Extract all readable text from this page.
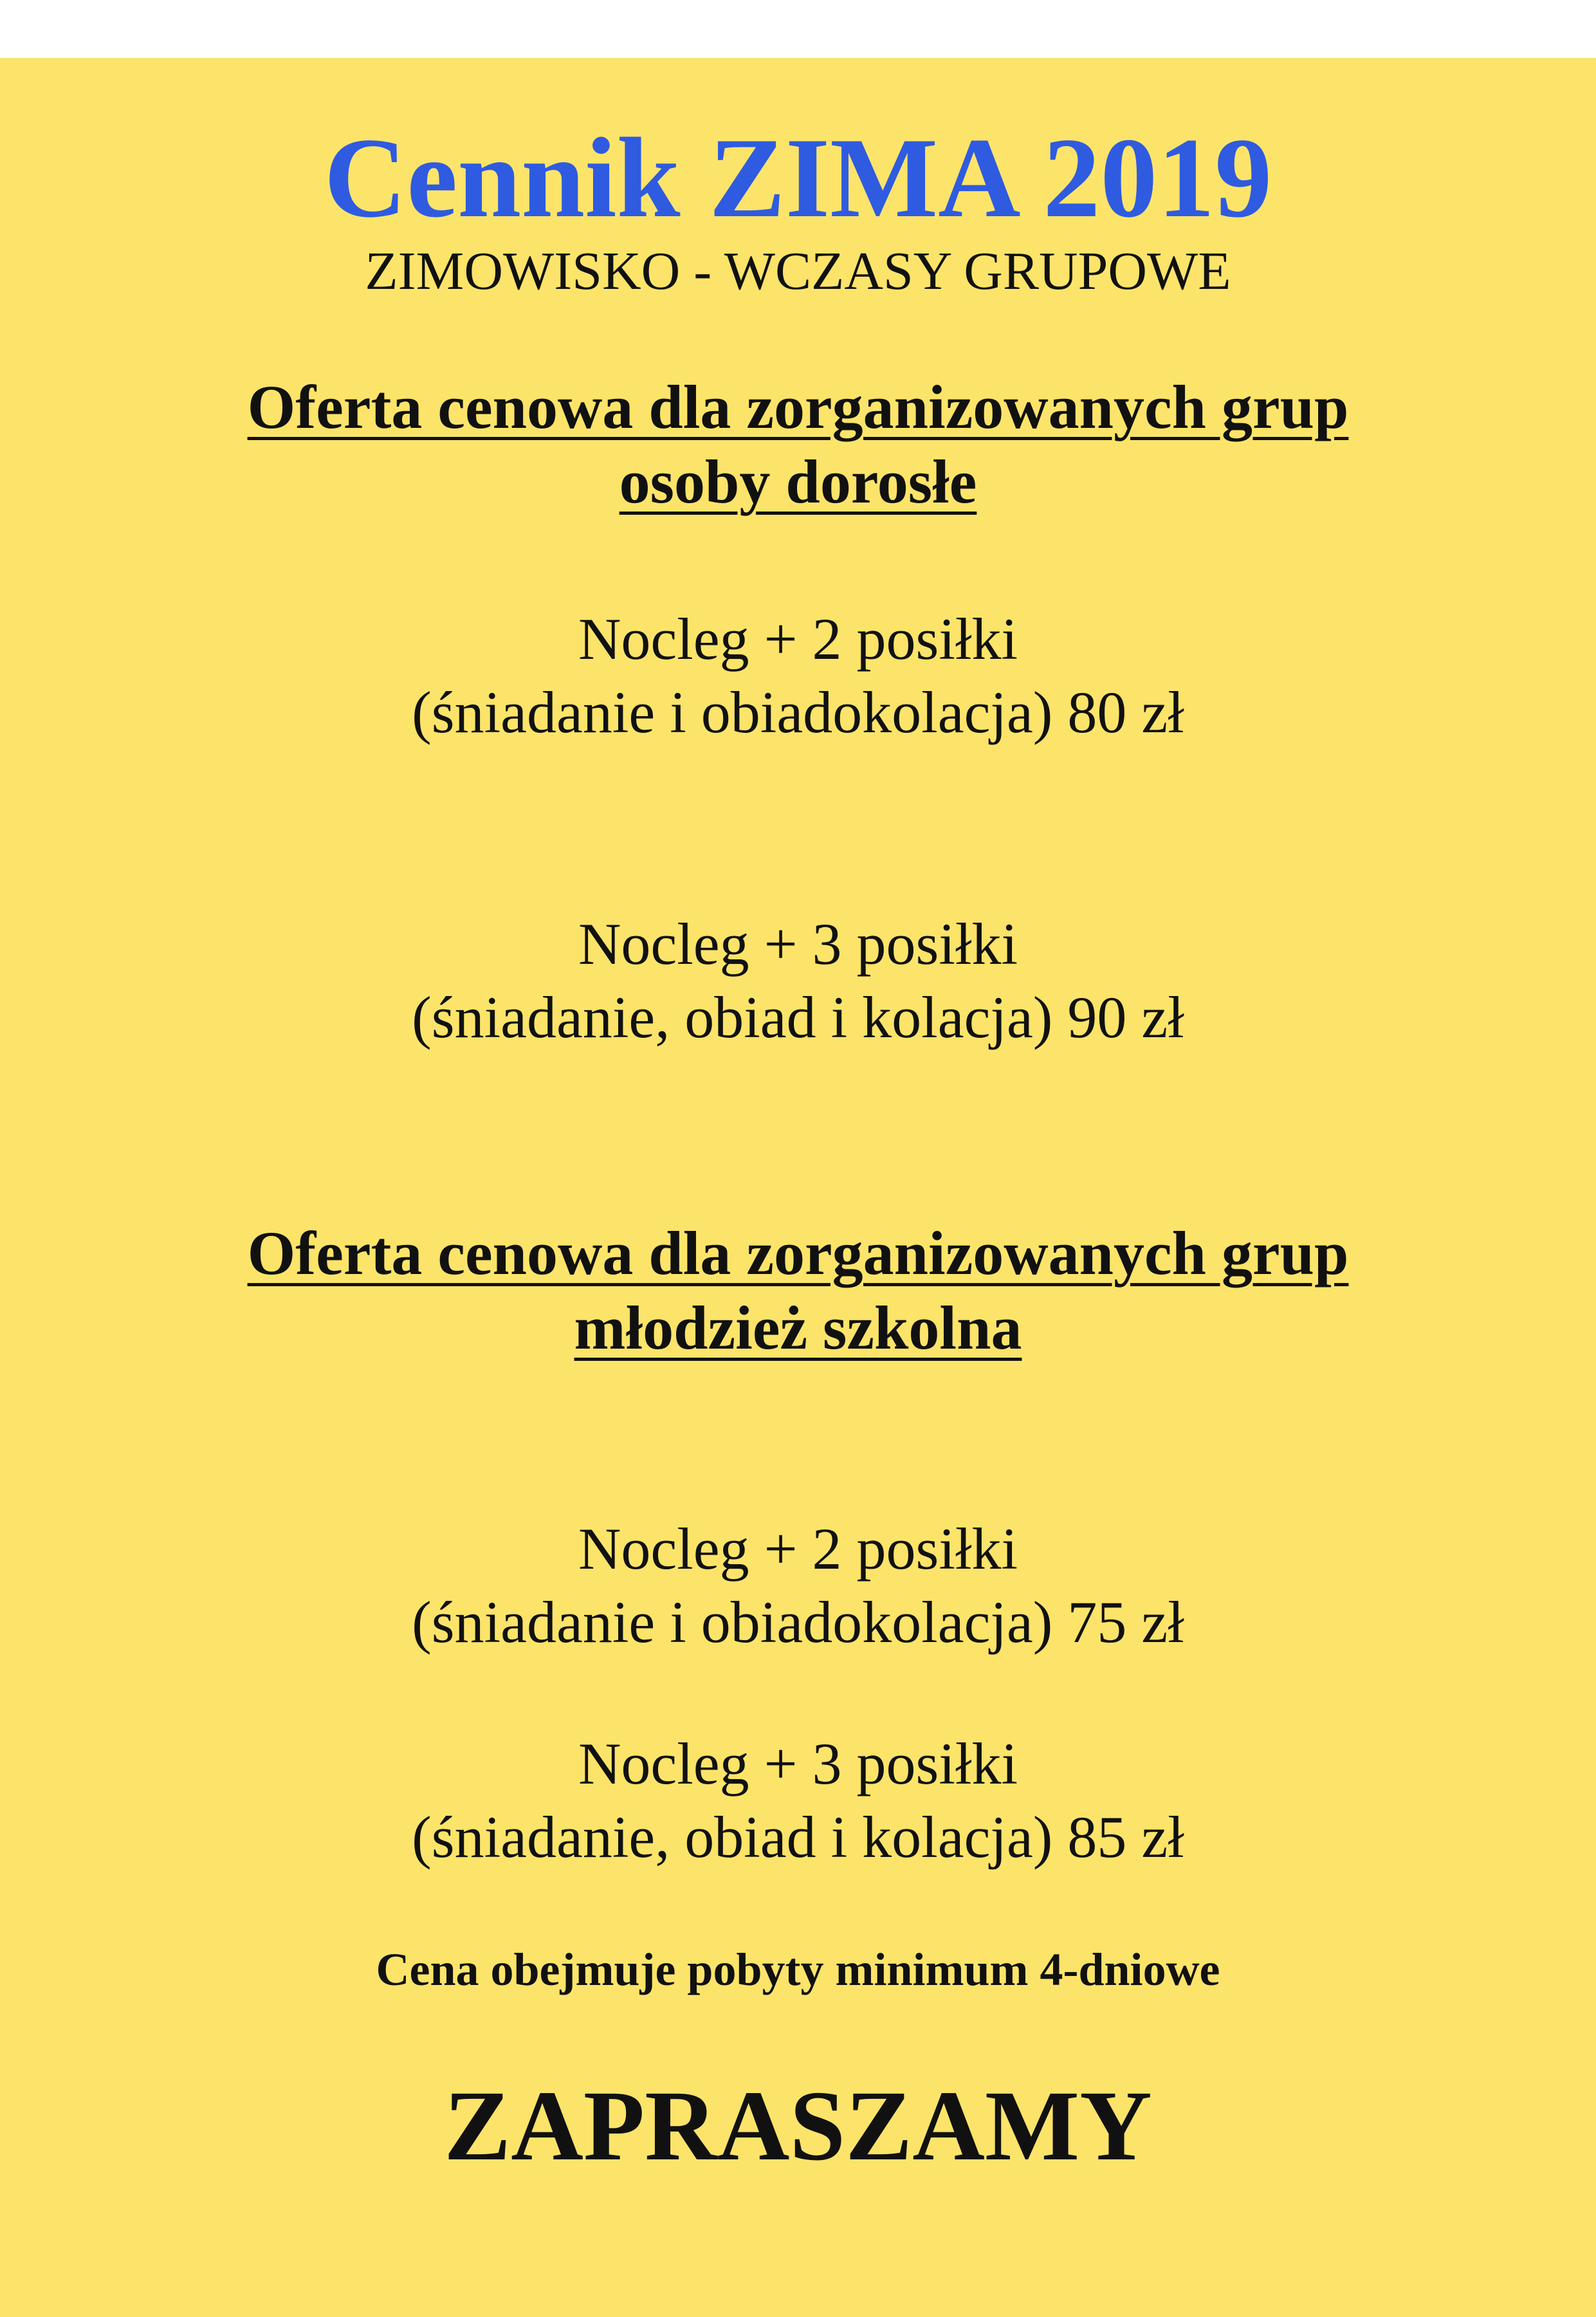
Cennik ZIMA 2019

ZIMOWISKO - WCZASY GRUPOWE

Oferta cenowa dla zorganizowanych grup

osoby dorosłe

Nocleg + 2 posiłki

(śniadanie i obiadokolacja) 80 zł

Nocleg + 3 posiłki

(śniadanie, obiad i kolacja) 90 zł

Oferta cenowa dla zorganizowanych grup

młodzież szkolna

Nocleg + 2 posiłki

(śniadanie i obiadokolacja) 75 zł

Nocleg + 3 posiłki

(śniadanie, obiad i kolacja) 85 zł

Cena obejmuje pobyty minimum 4-dniowe

ZAPRASZAMY
